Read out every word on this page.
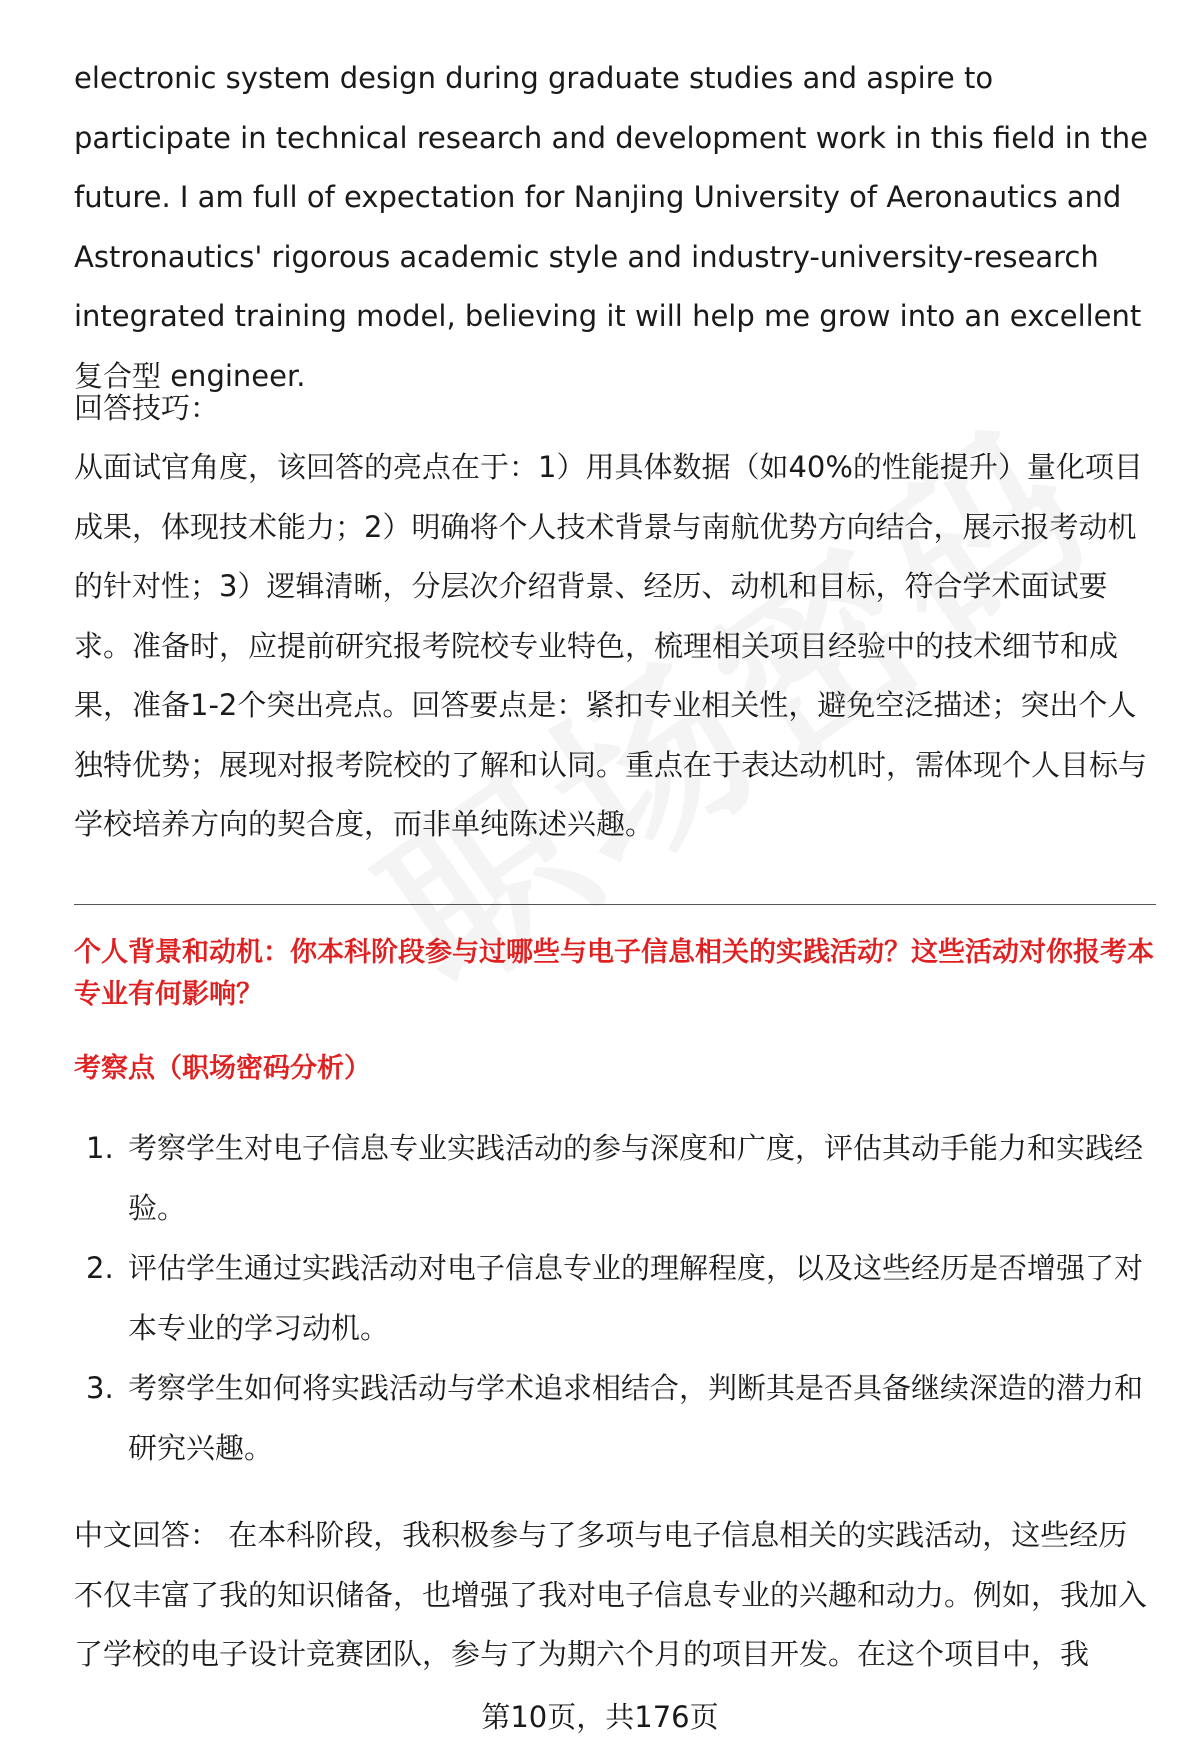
electronic system design during graduate studies and aspire to participate in technical research and development work in this field in the future. I am full of expectation for Nanjing University of Aeronautics and Astronautics' rigorous academic style and industry-university-research integrated training model, believing it will help me grow into an excellent复合型 engineer.

回答技巧：

从面试官角度，该回答的亮点在于：1）用具体数据（如40%的性能提升）量化项目成果，体现技术能力；2）明确将个人技术背景与南航优势方向结合，展示报考动机的针对性；3）逻辑清晰，分层次介绍背景、经历、动机和目标，符合学术面试要求。准备时，应提前研究报考院校专业特色，梳理相关项目经验中的技术细节和成果，准备1-2个突出亮点。回答要点是：紧扣专业相关性，避免空泛描述；突出个人独特优势；展现对报考院校的了解和认同。重点在于表达动机时，需体现个人目标与学校培养方向的契合度，而非单纯陈述兴趣。

个人背景和动机：你本科阶段参与过哪些与电子信息相关的实践活动？这些活动对你报考本专业有何影响？
考察点（职场密码分析）
1. 考察学生对电子信息专业实践活动的参与深度和广度，评估其动手能力和实践经验。
2. 评估学生通过实践活动对电子信息专业的理解程度，以及这些经历是否增强了对本专业的学习动机。
3. 考察学生如何将实践活动与学术追求相结合，判断其是否具备继续深造的潜力和研究兴趣。

中文回答： 在本科阶段，我积极参与了多项与电子信息相关的实践活动，这些经历不仅丰富了我的知识储备，也增强了我对电子信息专业的兴趣和动力。例如，我加入了学校的电子设计竞赛团队，参与了为期六个月的项目开发。在这个项目中，我

第10页，共176页
